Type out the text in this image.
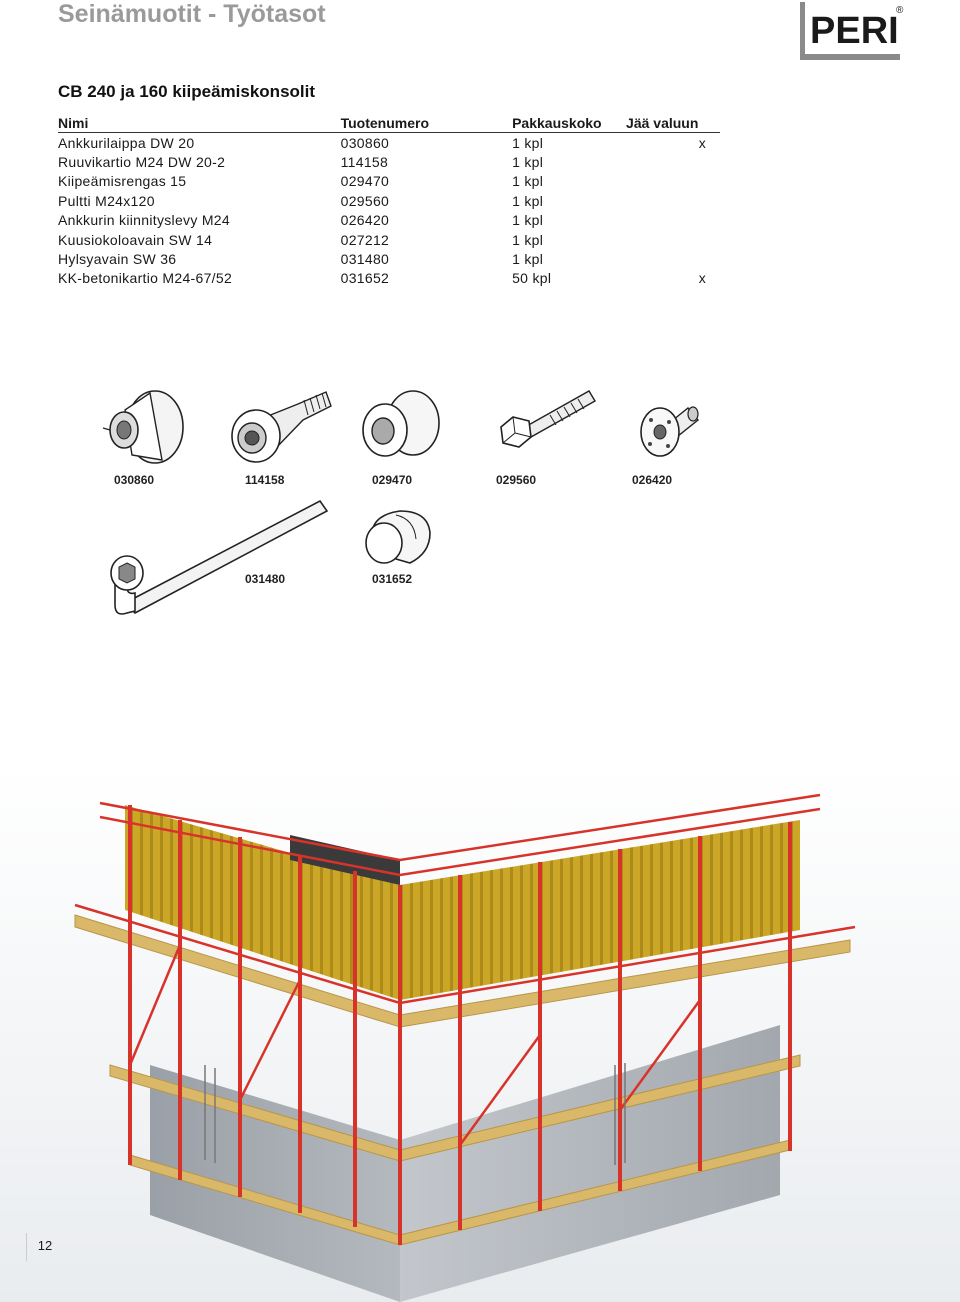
Seinämuotit - Työtasot	PERI
®
CB 240 ja 160 kiipeämiskonsolit
Nimi	Tuotenumero	Pakkauskoko	Jää valuun
Ankkurilaippa DW 20	030860	1 kpl	x
Ruuvikartio M24 DW 20-2	114158	1 kpl	
Kiipeämisrengas 15	029470	1 kpl	
Pultti M24x120	029560	1 kpl	
Ankkurin kiinnityslevy M24	026420	1 kpl	
Kuusiokoloavain SW 14	027212	1 kpl	
Hylsyavain SW 36	031480	1 kpl	
KK-betonikartio M24-67/52	031652	50 kpl	x
030860	114158	029470	029560	026420
031480	031652
12
